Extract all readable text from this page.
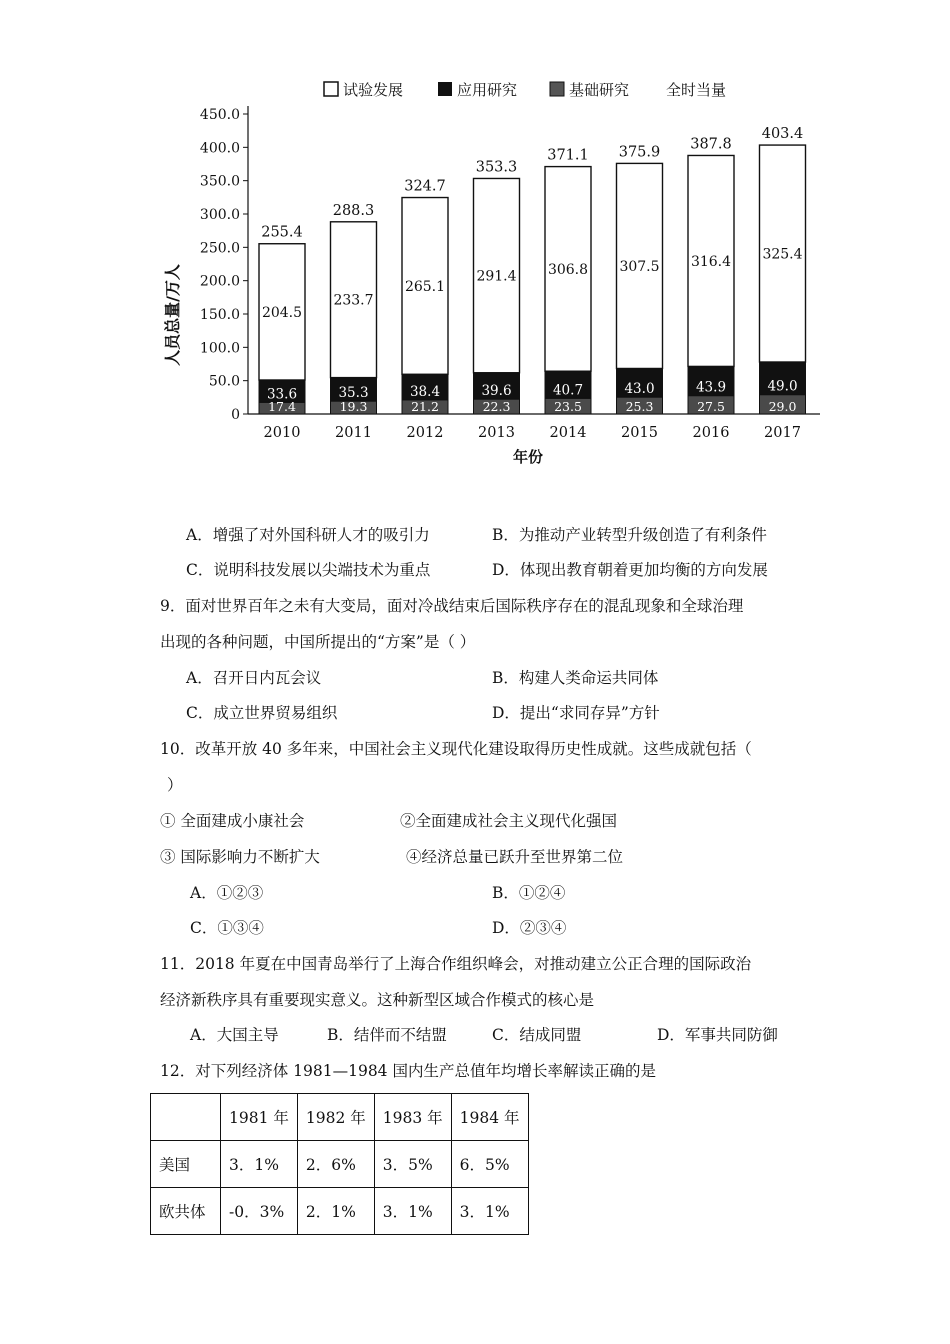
试验发展	应用研究	基础研究 全时当量
人员总量/万人
年份
0
50.0
100.0
150.0
200.0
250.0
300.0
350.0
400.0
450.0
2010 2011 2012 2013 2014 2015 2016 2017
17.4
33.6
204.5
255.4
19.3
35.3
233.7
288.3
21.2
38.4
265.1
324.7
22.3
39.6
291.4
353.3
23.5
40.7
306.8
371.1
25.3
43.0
307.5
375.9
27.5
43.9
316.4
387.8
29.0
49.0
325.4
403.4
A．增强了对外国科研人才的吸引力	B．为推动产业转型升级创造了有利条件
C．说明科技发展以尖端技术为重点	D．体现出教育朝着更加均衡的方向发展
9．面对世界百年之未有大变局，面对冷战结束后国际秩序存在的混乱现象和全球治理
出现的各种问题，中国所提出的“方案”是（ ）
A．召开日内瓦会议	B．构建人类命运共同体
C．成立世界贸易组织	D．提出“求同存异”方针
10．改革开放 40 多年来，中国社会主义现代化建设取得历史性成就。这些成就包括（
）
① 全面建成小康社会	②全面建成社会主义现代化强国
③ 国际影响力不断扩大	④经济总量已跃升至世界第二位
A．①②③	B．①②④
C．①③④	D．②③④
11．2018 年夏在中国青岛举行了上海合作组织峰会，对推动建立公正合理的国际政治
经济新秩序具有重要现实意义。这种新型区域合作模式的核心是
A．大国主导	B．结伴而不结盟	C．结成同盟	D．军事共同防御
12．对下列经济体 1981—1984 国内生产总值年均增长率解读正确的是
	1981 年	1982 年	1983 年	1984 年
美国	3．1%	2．6%	3．5%	6．5%
欧共体	-0．3%	2．1%	3．1%	3．1%
